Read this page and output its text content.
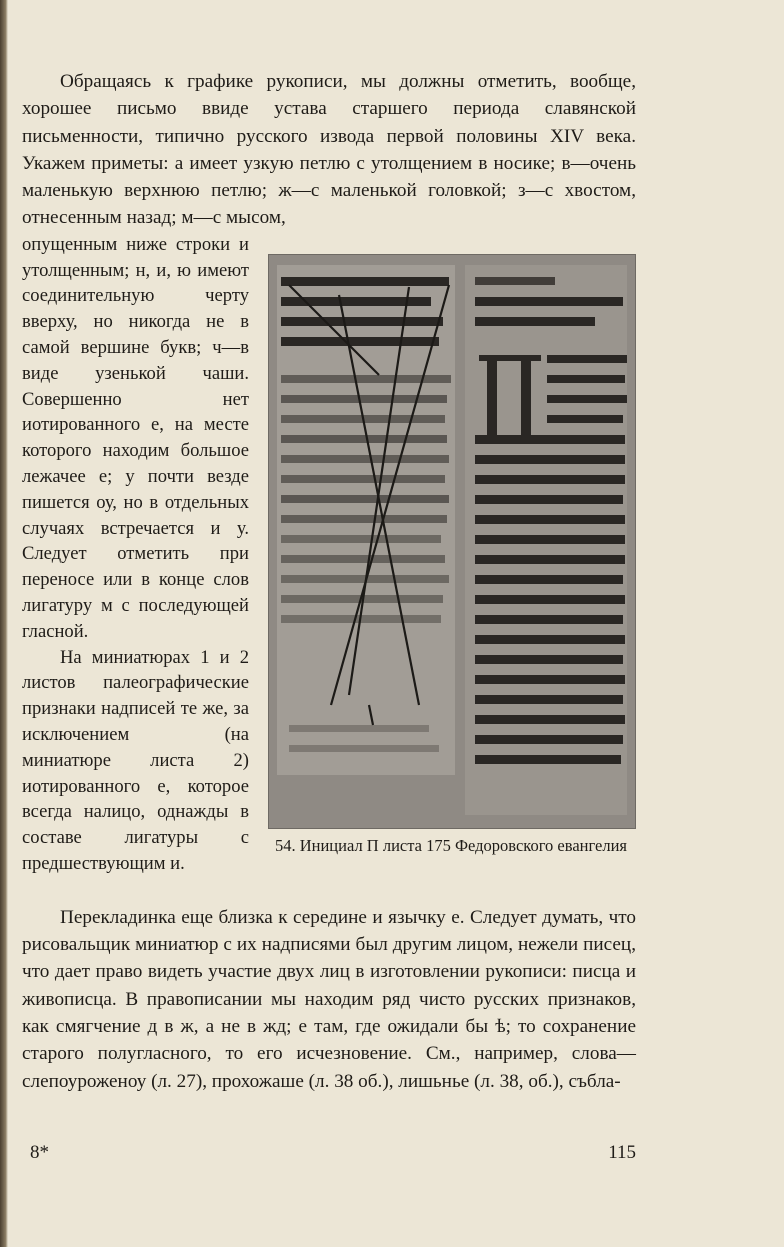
Обращаясь к графике рукописи, мы должны отметить, вообще, хорошее письмо ввиде устава старшего периода славянской письменности, типично русского извода первой половины XIV века. Укажем приметы: а имеет узкую петлю с утолщением в носике; в—очень маленькую верхнюю петлю; ж—с маленькой головкой; з—с хвостом, отнесенным назад; м—с мысом,

опущенным ниже строки и утолщенным; н, и, ю имеют соединительную черту вверху, но никогда не в самой вершине букв; ч—в виде узенькой чаши. Совершенно нет иотированного е, на месте которого находим большое лежачее е; у почти везде пишется оу, но в отдельных случаях встречается и у. Следует отметить при переносе или в конце слов лигатуру м с последующей гласной.

На миниатюрах 1 и 2 листов палеографические признаки надписей те же, за исключением (на миниатюре листа 2) иотированного е, которое всегда налицо, однажды в составе лигатуры с предшествующим и.

54. Инициал П листа 175 Федоровского евангелия

Перекладинка еще близка к середине и язычку е. Следует думать, что рисовальщик миниатюр с их надписями был другим лицом, нежели писец, что дает право видеть участие двух лиц в изготовлении рукописи: писца и живописца. В правописании мы находим ряд чисто русских признаков, как смягчение д в ж, а не в жд; е там, где ожидали бы ѣ; то сохранение старого полугласного, то его исчезновение. См., например, слова—слепоуроженоу (л. 27), прохожаше (л. 38 об.), лишьнье (л. 38, об.), събла-

8*	115
